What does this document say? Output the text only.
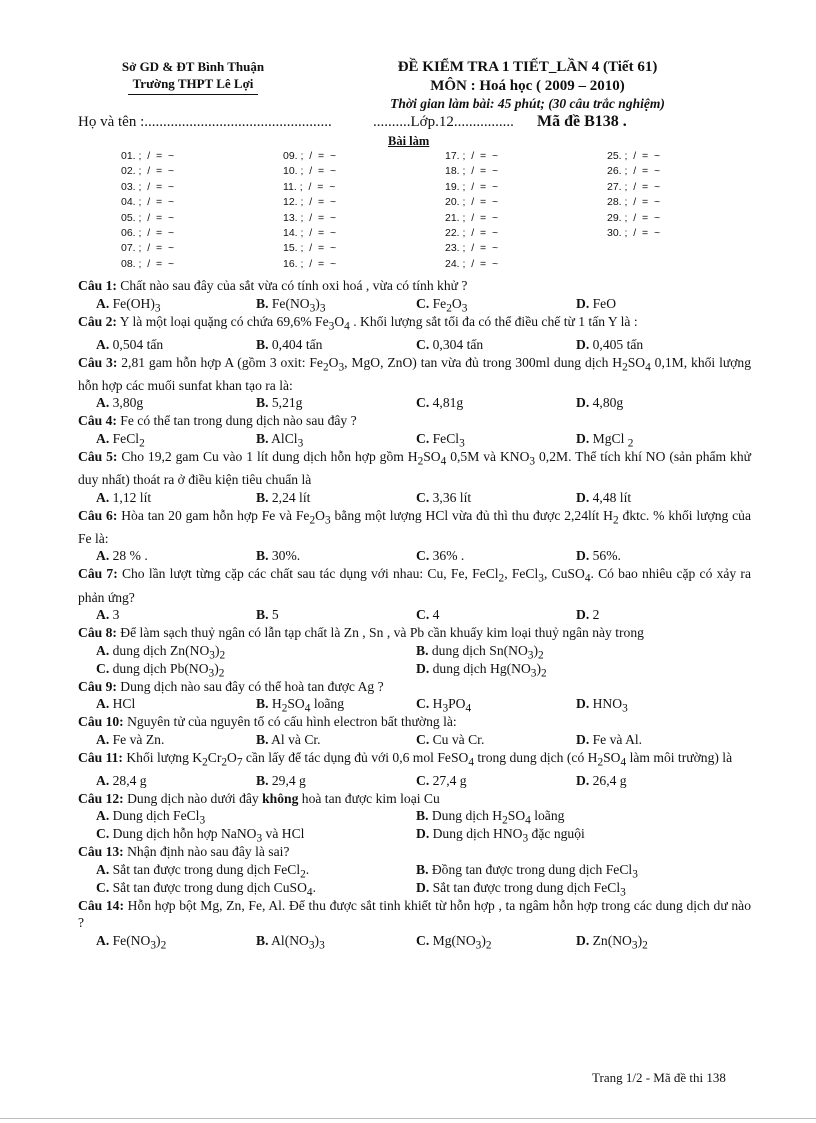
Sở GD & ĐT Bình Thuận
Trường THPT Lê Lợi
ĐỀ KIỂM TRA 1 TIẾT_LẦN 4 (Tiết 61)
MÔN : Hoá học ( 2009 – 2010)
Thời gian làm bài: 45 phút; (30 câu trắc nghiệm)
Họ và tên :..................................................	..........Lớp.12................ Mã đề B138 .
Bài làm
01. ;  /  =  ~
02. ;  /  =  ~
03. ;  /  =  ~
04. ;  /  =  ~
05. ;  /  =  ~
06. ;  /  =  ~
07. ;  /  =  ~
08. ;  /  =  ~
09. ;  /  =  ~
10. ;  /  =  ~
11. ;  /  =  ~
12. ;  /  =  ~
13. ;  /  =  ~
14. ;  /  =  ~
15. ;  /  =  ~
16. ;  /  =  ~
17. ;  /  =  ~
18. ;  /  =  ~
19. ;  /  =  ~
20. ;  /  =  ~
21. ;  /  =  ~
22. ;  /  =  ~
23. ;  /  =  ~
24. ;  /  =  ~
25. ;  /  =  ~
26. ;  /  =  ~
27. ;  /  =  ~
28. ;  /  =  ~
29. ;  /  =  ~
30. ;  /  =  ~
Câu 1: Chất nào sau đây của sắt vừa có tính oxi hoá , vừa có tính khử ?
A. $Fe(OH)_3$	B. $Fe(NO_3)_3$	C. $Fe_2O_3$	D. FeO
Câu 2: Y là một loại quặng có chứa 69,6% $Fe_3O_4$ . Khối lượng sắt tối đa có thể điều chế từ 1 tấn Y là :
A. 0,504 tấn	B. 0,404 tấn	C. 0,304 tấn	D. 0,405 tấn
Câu 3: 2,81 gam hỗn hợp A (gồm 3 oxit: $Fe_2O_3$, MgO, ZnO) tan vừa đủ trong 300ml dung dịch $H_2SO_4$ 0,1M, khối lượng hỗn hợp các muối sunfat khan tạo ra là:
A. 3,80g	B. 5,21g	C. 4,81g	D. 4,80g
Câu 4: Fe có thể tan trong dung dịch nào sau đây ?
A. FeCl$_2$	B. AlCl$_3$	C. FeCl$_3$	D. MgCl $_2$
Câu 5: Cho 19,2 gam Cu vào 1 lít dung dịch hỗn hợp gồm $H_2SO_4$ 0,5M và $KNO_3$ 0,2M. Thể tích khí NO (sản phẩm khử duy nhất) thoát ra ở điều kiện tiêu chuẩn là
A. 1,12 lít	B. 2,24 lít	C. 3,36 lít	D. 4,48 lít
Câu 6: Hòa tan 20 gam hỗn hợp Fe và $Fe_2O_3$ bằng một lượng HCl vừa đủ thì thu được 2,24lít $H_2$ đktc. % khối lượng của Fe là:
A. 28 % .	B. 30%.	C. 36% .	D. 56%.
Câu 7: Cho lần lượt từng cặp các chất sau tác dụng với nhau: Cu, Fe, FeCl$_2$, FeCl$_3$, CuSO$_4$. Có bao nhiêu cặp có xảy ra phản ứng?
A. 3	B. 5	C. 4	D. 2
Câu 8: Để làm sạch thuỷ ngân có lẫn tạp chất là Zn , Sn , và Pb cần khuấy kim loại thuỷ ngân này trong
A. dung dịch $Zn(NO_3)_2$	B. dung dịch $Sn(NO_3)_2$
C. dung dịch $Pb(NO_3)_2$	D. dung dịch $Hg(NO_3)_2$
Câu 9: Dung dịch nào sau đây có thể hoà tan được Ag ?
A. HCl	B. $H_2SO_4$ loãng	C. $H_3PO_4$	D. $HNO_3$
Câu 10: Nguyên tử của nguyên tố có cấu hình electron bất thường là:
A. Fe và Zn.	B. Al và Cr.	C. Cu và Cr.	D. Fe và Al.
Câu 11: Khối lượng $K_2Cr_2O_7$ cần lấy để tác dụng đủ với 0,6 mol FeSO$_4$ trong dung dịch (có $H_2SO_4$ làm môi trường) là
A. 28,4 g	B. 29,4 g	C. 27,4 g	D. 26,4 g
Câu 12: Dung dịch nào dưới đây không hoà tan được kim loại Cu
A. Dung dịch FeCl$_3$	B. Dung dịch $H_2SO_4$ loãng
C. Dung dịch hỗn hợp NaNO$_3$ và HCl	D. Dung dịch $HNO_3$ đặc nguội
Câu 13: Nhận định nào sau đây là sai?
A. Sắt tan được trong dung dịch FeCl$_2$.	B. Đồng tan được trong dung dịch FeCl$_3$
C. Sắt tan được trong dung dịch CuSO$_4$.	D. Sắt tan được trong dung dịch FeCl$_3$
Câu 14: Hỗn hợp bột Mg, Zn, Fe, Al. Để thu được sắt tinh khiết từ hỗn hợp , ta ngâm hỗn hợp trong các dung dịch dư nào ?
A. $Fe(NO_3)_2$	B. $Al(NO_3)_3$	C. $Mg(NO_3)_2$	D. $Zn(NO_3)_2$
Trang 1/2 - Mã đề thi 138
